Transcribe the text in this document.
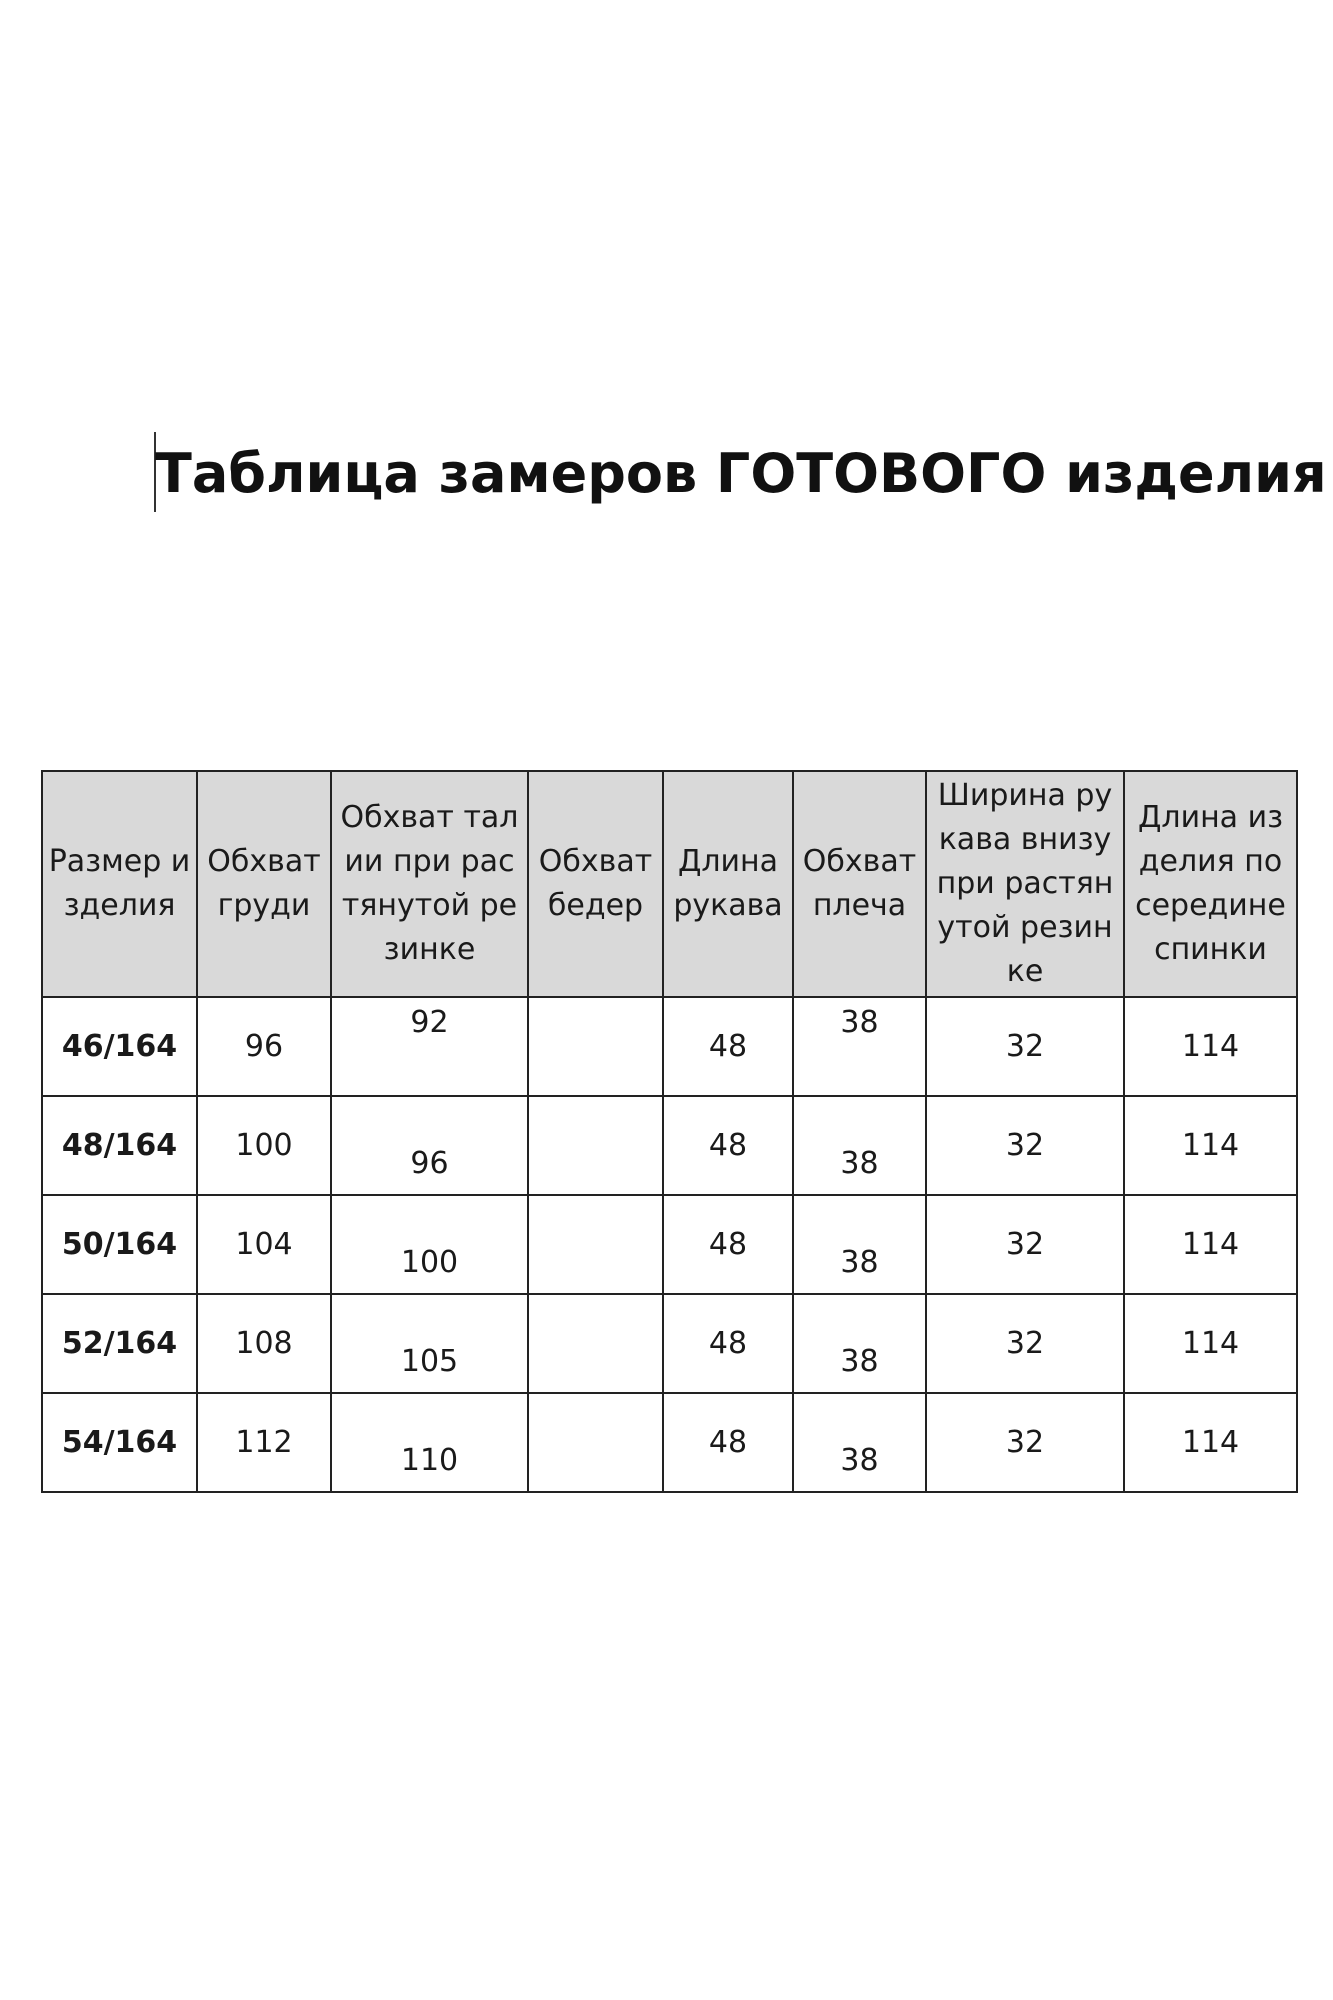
Таблица замеров ГОТОВОГО изделия
Размер изделия	Обхват груди	Обхват талии при растянутой резинке	Обхват бедер	Длина рукава	Обхват плеча	Ширина рукава внизу при растянутой резинке	Длина изделия по середине спинки

46/164	96	92		48	38	32	114
48/164	100	96		48	38	32	114
50/164	104	100		48	38	32	114
52/164	108	105		48	38	32	114
54/164	112	110		48	38	32	114
